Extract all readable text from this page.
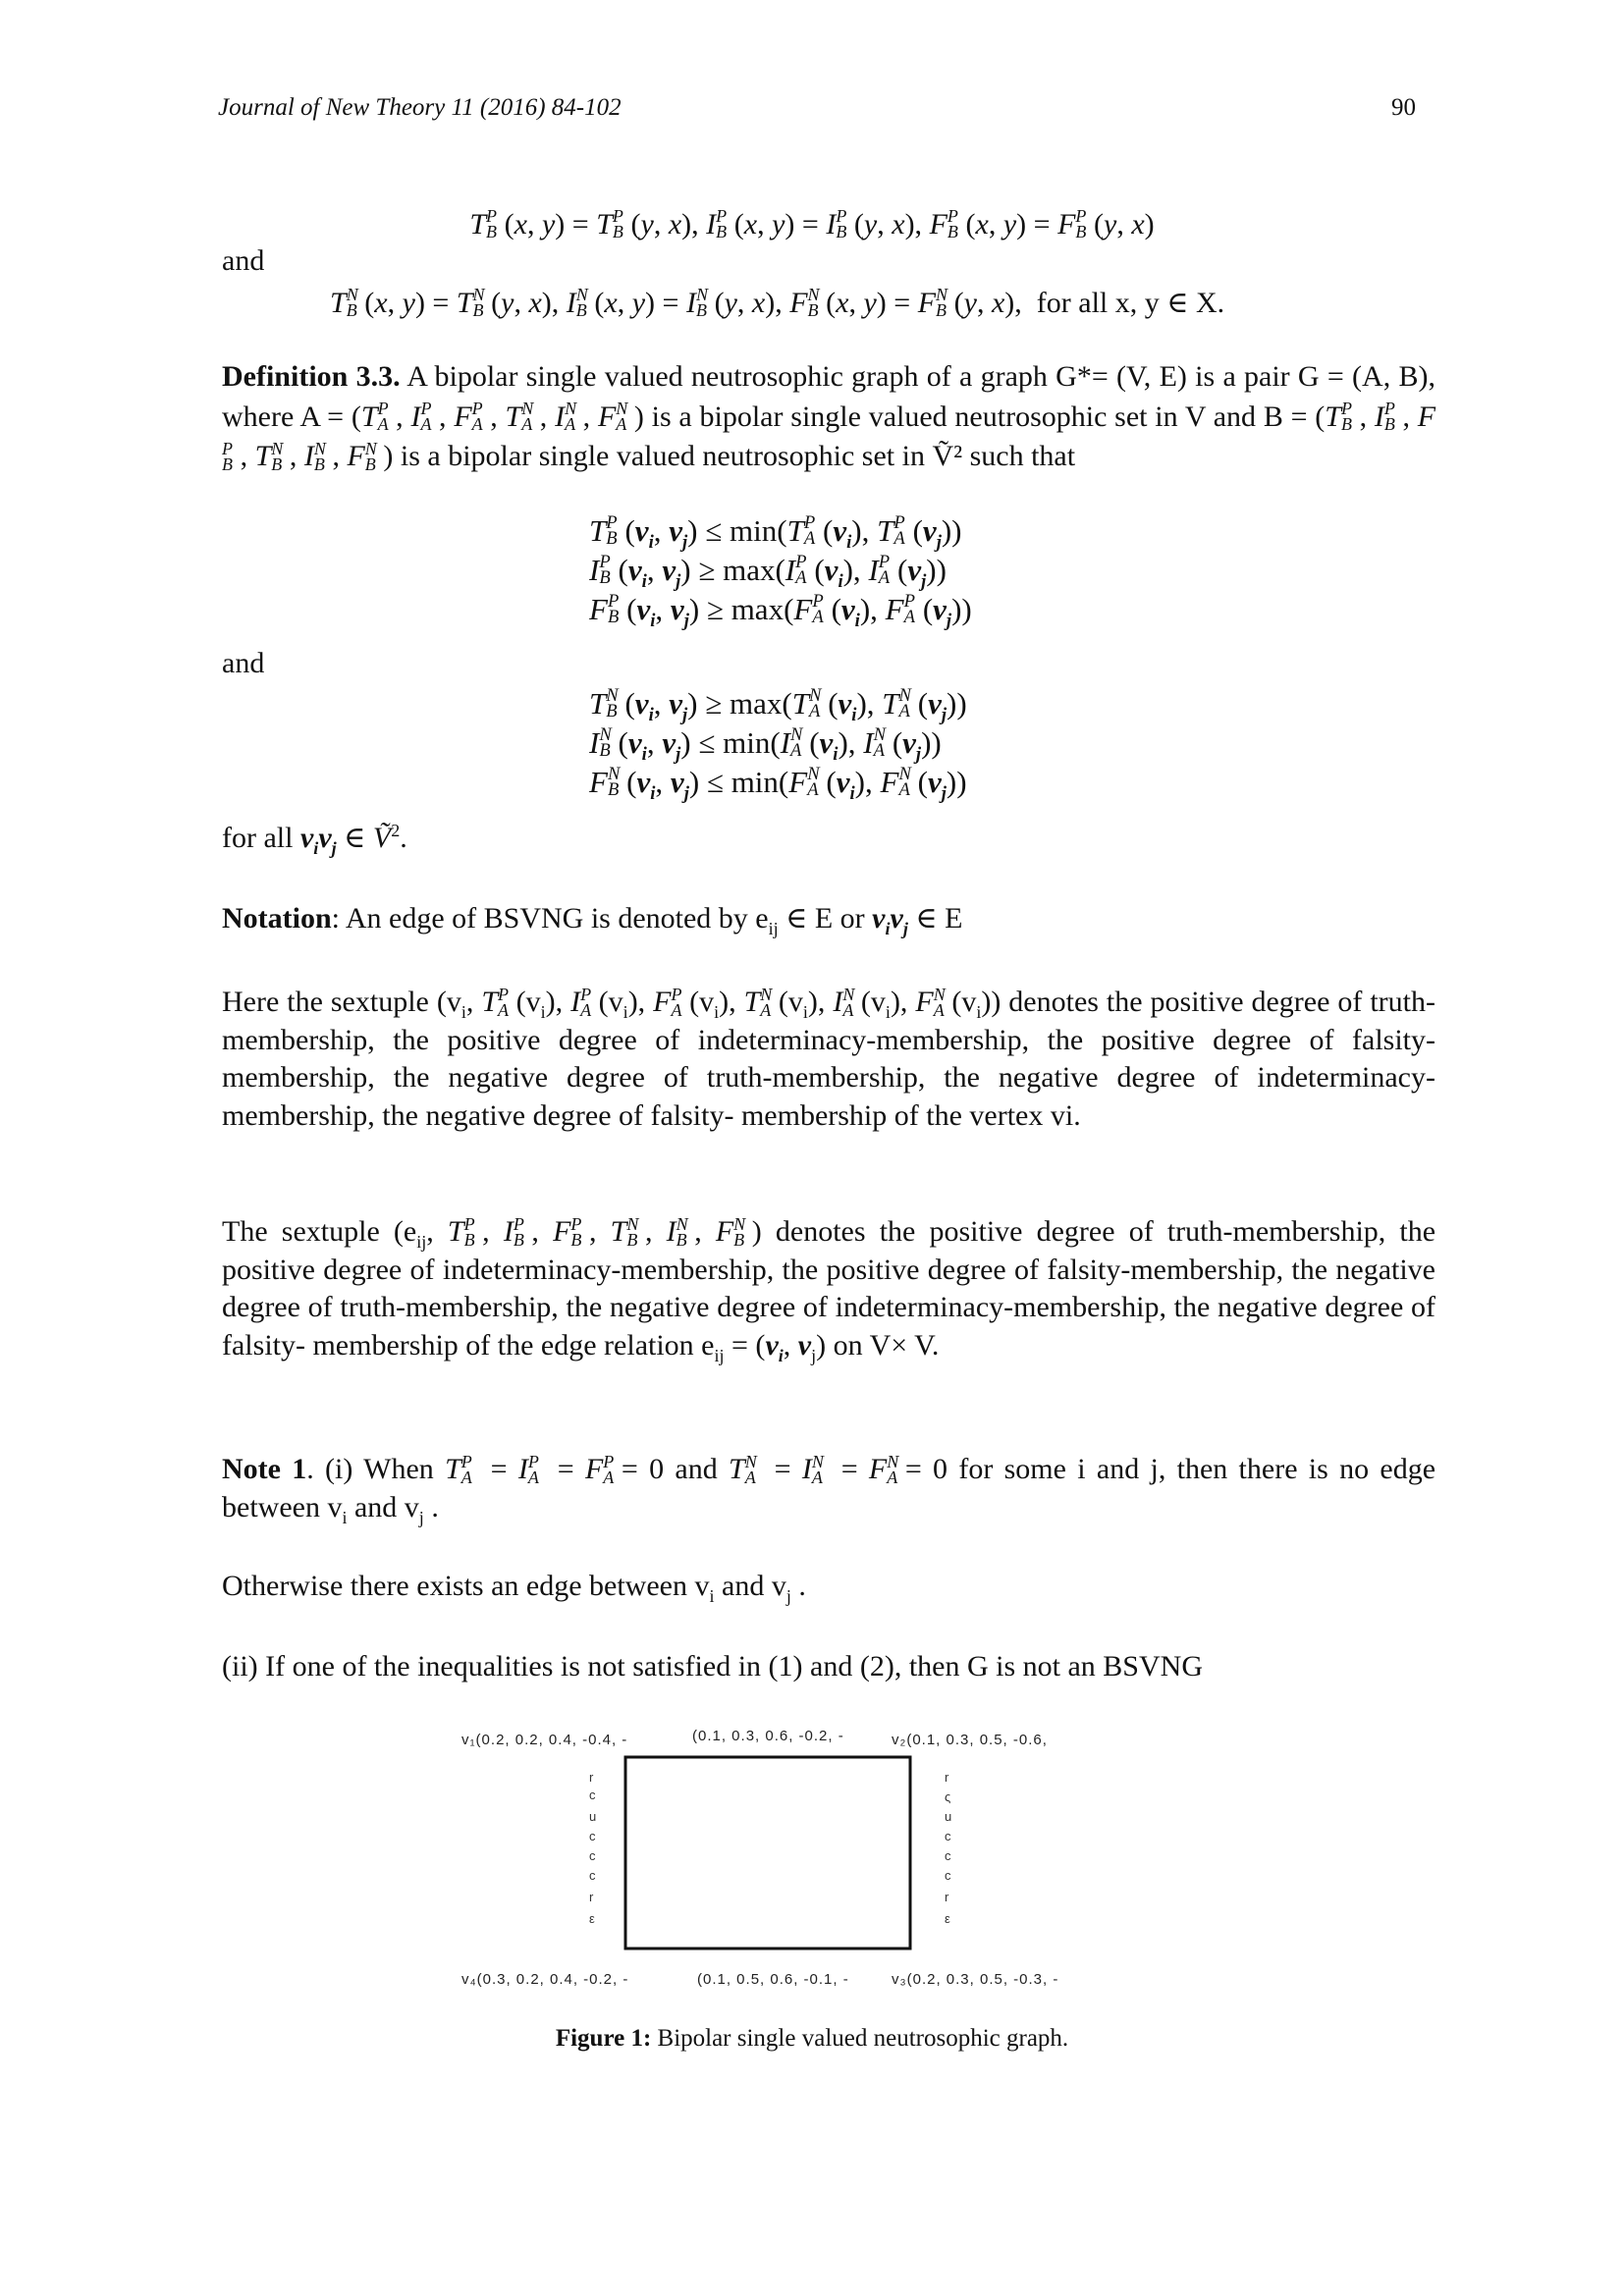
Journal of New Theory 11 (2016) 84-102	90
T P
B (x, y) = T P
B (y, x), I P
B (x, y) = I P
B (y, x), F P
B (x, y) = F P
B (y, x)
and
T N
B (x, y) = T N
B (y, x), I N
B (x, y) = I N
B (y, x), F N
B (x, y) = F N
B (y, x),  for all x, y ∈ X.
Definition 3.3. A bipolar single valued neutrosophic graph of a graph G*= (V, E) is a pair G = (A, B), where A = (T P
A , I P
A , F P
A , T N
A , I N
A , F N
A ) is a bipolar single valued neutrosophic set in V and B = (T P
B , I P
B , F
P
B , T N
B , I N
B , F N
B ) is a bipolar single valued neutrosophic set in Ṽ² such that
T P
B ($v_i$, $v_j) \le \min(T$ P
A $(v_i)$, T P
A $(v_j)$)
I P
B ($v_i$, $v_j) \ge \max(I$ P
A $(v_i)$, I P
A $(v_j)$)
F P
B ($v_i$, $v_j) \ge \max(F$ P
A $(v_i)$, F P
A $(v_j)$)
and
T N
B ($v_i$, $v_j) \ge \max(T$ N
A $(v_i)$, T N
A $(v_j)$)
I N
B ($v_i$, $v_j) \le \min(I$ N
A $(v_i)$, I N
A $(v_j)$)
F N
B ($v_i$, $v_j) \le \min(F$ N
A $(v_i)$, F N
A $(v_j)$)
for all $v_iv_j$ ∈ Ṽ$^2$.
Notation: An edge of BSVNG is denoted by $e_{ij}$ ∈ E or $v_iv_j$ ∈ E
Here the sextuple ($v_i$, T P
A $(v_i)$, I P
A $(v_i)$, F P
A $(v_i)$, T N
A $(v_i)$, I N
A $(v_i)$, F N
A $(v_i)$) denotes the positive degree of truth-membership, the positive degree of indeterminacy-membership, the positive degree of falsity-membership, the negative degree of truth-membership, the negative degree of indeterminacy-membership, the negative degree of falsity- membership of the vertex vi.
The sextuple ($e_{ij}$, T P
B , I P
B , F P
B , T N
B , I N
B , F N
B ) denotes the positive degree of truth-membership, the positive degree of indeterminacy-membership, the positive degree of falsity-membership, the negative degree of truth-membership, the negative degree of indeterminacy-membership, the negative degree of falsity- membership of the edge relation $e_{ij} = (v_i$, $v_j$) on V× V.
Note 1. (i) When T P
A = I P
A = F P
A = 0 and T N
A = I N
A = F N
A = 0 for some i and j, then there is no edge between $v_i$ and $v_j$ .
Otherwise there exists an edge between $v_i$ and $v_j$ .
(ii) If one of the inequalities is not satisfied in (1) and (2), then G is not an BSVNG
v₁(0.2, 0.2, 0.4, -0.4, -	(0.1, 0.3, 0.6, -0.2, -	v₂(0.1, 0.3, 0.5, -0.6,
v₄(0.3, 0.2, 0.4, -0.2, -	(0.1, 0.5, 0.6, -0.1, -	v₃(0.2, 0.3, 0.5, -0.3, -
r
c
u
c
c
c
r
ε
r
ς
u
c
c
c
r
ε
Figure 1: Bipolar single valued neutrosophic graph.
